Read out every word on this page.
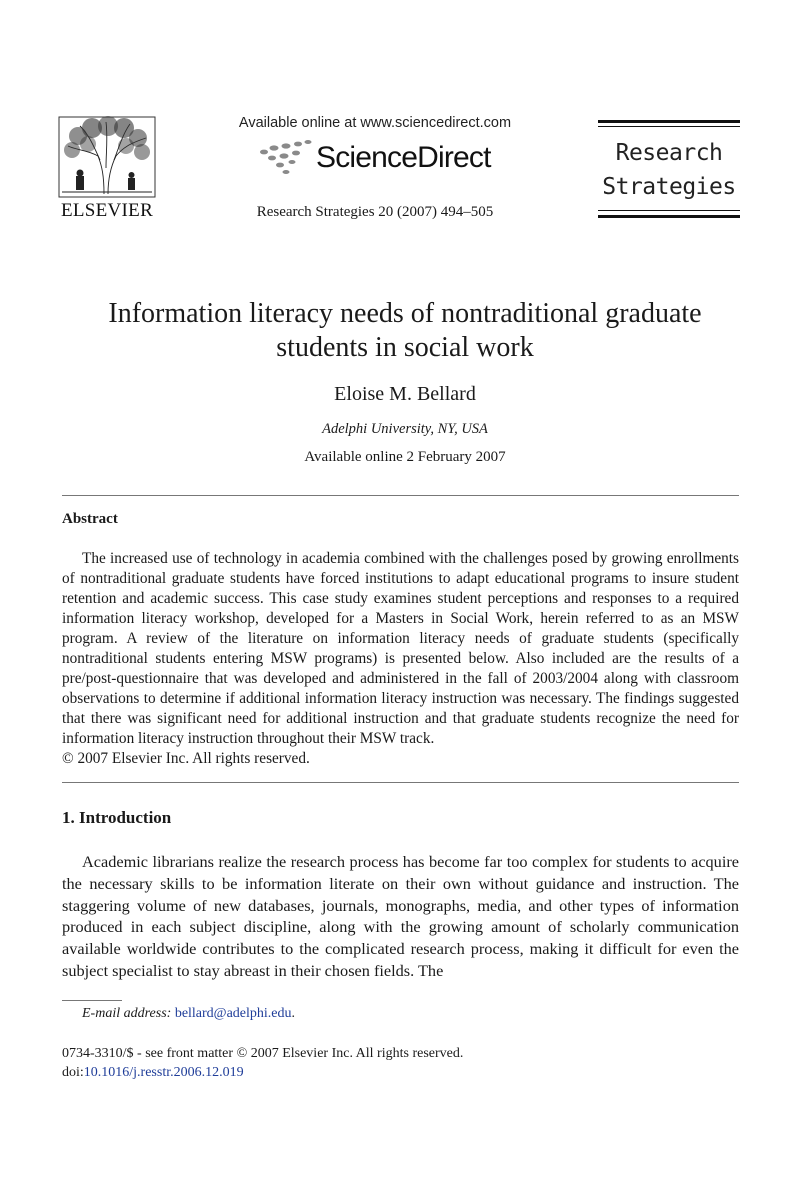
ELSEVIER
Available online at www.sciencedirect.com
ScienceDirect
Research Strategies 20 (2007) 494–505
Research
Strategies
Information literacy needs of nontraditional graduate students in social work
Eloise M. Bellard
Adelphi University, NY, USA
Available online 2 February 2007
Abstract

The increased use of technology in academia combined with the challenges posed by growing enrollments of nontraditional graduate students have forced institutions to adapt educational programs to insure student retention and academic success. This case study examines student perceptions and responses to a required information literacy workshop, developed for a Masters in Social Work, herein referred to as an MSW program. A review of the literature on information literacy needs of graduate students (specifically nontraditional students entering MSW programs) is presented below. Also included are the results of a pre/post-questionnaire that was developed and administered in the fall of 2003/2004 along with classroom observations to determine if additional information literacy instruction was necessary. The findings suggested that there was significant need for additional instruction and that graduate students recognize the need for information literacy instruction throughout their MSW track.
© 2007 Elsevier Inc. All rights reserved.

1. Introduction

Academic librarians realize the research process has become far too complex for students to acquire the necessary skills to be information literate on their own without guidance and instruction. The staggering volume of new databases, journals, monographs, media, and other types of information produced in each subject discipline, along with the growing amount of scholarly communication available worldwide contributes to the complicated research process, making it difficult for even the subject specialist to stay abreast in their chosen fields. The

E-mail address: bellard@adelphi.edu.
0734-3310/$ - see front matter © 2007 Elsevier Inc. All rights reserved.
doi:10.1016/j.resstr.2006.12.019
